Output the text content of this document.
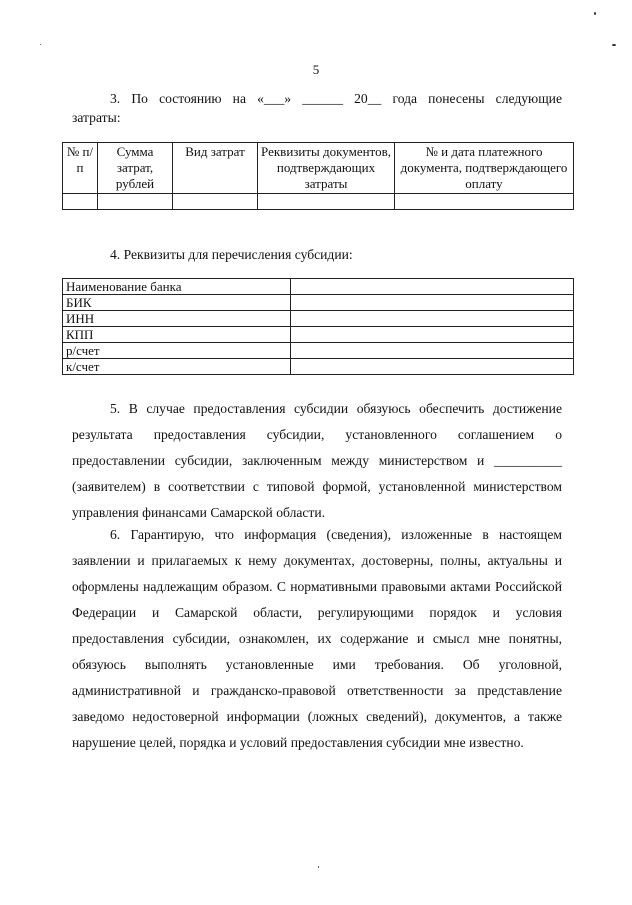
5
3. По состоянию на «___» ______ 20__ года понесены следующие
затраты:
№ п/п	Сумма затрат, рублей	Вид затрат	Реквизиты документов, подтверждающих затраты	№ и дата платежного документа, подтверждающего оплату

4. Реквизиты для перечисления субсидии:
Наименование банка	
БИК	
ИНН	
КПП	
р/счет	
к/счет	
5. В случае предоставления субсидии обязуюсь обеспечить достижение результата предоставления субсидии, установленного соглашением о предоставлении субсидии, заключенным между министерством и __________ (заявителем) в соответствии с типовой формой, установленной министерством управления финансами Самарской области.
6. Гарантирую, что информация (сведения), изложенные в настоящем заявлении и прилагаемых к нему документах, достоверны, полны, актуальны и оформлены надлежащим образом. С нормативными правовыми актами Российской Федерации и Самарской области, регулирующими порядок и условия предоставления субсидии, ознакомлен, их содержание и смысл мне понятны, обязуюсь выполнять установленные ими требования. Об уголовной, административной и гражданско-правовой ответственности за представление заведомо недостоверной информации (ложных сведений), документов, а также нарушение целей, порядка и условий предоставления субсидии мне известно.
